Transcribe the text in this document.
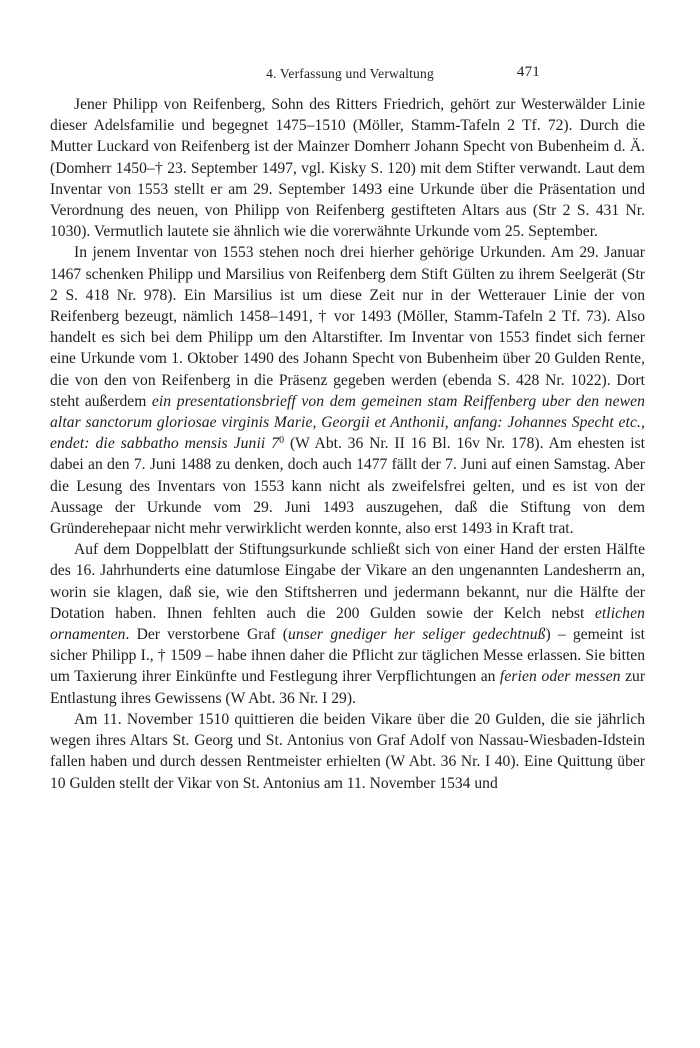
4. Verfassung und Verwaltung	471

Jener Philipp von Reifenberg, Sohn des Ritters Friedrich, gehört zur Westerwälder Linie dieser Adelsfamilie und begegnet 1475–1510 (Möller, Stamm-Tafeln 2 Tf. 72). Durch die Mutter Luckard von Reifenberg ist der Mainzer Domherr Johann Specht von Bubenheim d. Ä. (Domherr 1450–† 23. September 1497, vgl. Kisky S. 120) mit dem Stifter verwandt. Laut dem Inventar von 1553 stellt er am 29. September 1493 eine Urkunde über die Präsentation und Verordnung des neuen, von Philipp von Reifenberg gestifteten Altars aus (Str 2 S. 431 Nr. 1030). Vermutlich lautete sie ähnlich wie die vorerwähnte Urkunde vom 25. September.

In jenem Inventar von 1553 stehen noch drei hierher gehörige Urkunden. Am 29. Januar 1467 schenken Philipp und Marsilius von Reifenberg dem Stift Gülten zu ihrem Seelgerät (Str 2 S. 418 Nr. 978). Ein Marsilius ist um diese Zeit nur in der Wetterauer Linie der von Reifenberg bezeugt, nämlich 1458–1491, † vor 1493 (Möller, Stamm-Tafeln 2 Tf. 73). Also handelt es sich bei dem Philipp um den Altarstifter. Im Inventar von 1553 findet sich ferner eine Urkunde vom 1. Oktober 1490 des Johann Specht von Bubenheim über 20 Gulden Rente, die von den von Reifenberg in die Präsenz gegeben werden (ebenda S. 428 Nr. 1022). Dort steht außerdem ein presentationsbrieff von dem gemeinen stam Reiffenberg uber den newen altar sanctorum gloriosae virginis Marie, Georgii et Anthonii, anfang: Johannes Specht etc., endet: die sabbatho mensis Junii $7^0$ (W Abt. 36 Nr. II 16 Bl. 16v Nr. 178). Am ehesten ist dabei an den 7. Juni 1488 zu denken, doch auch 1477 fällt der 7. Juni auf einen Samstag. Aber die Lesung des Inventars von 1553 kann nicht als zweifelsfrei gelten, und es ist von der Aussage der Urkunde vom 29. Juni 1493 auszugehen, daß die Stiftung von dem Gründerehepaar nicht mehr verwirklicht werden konnte, also erst 1493 in Kraft trat.

Auf dem Doppelblatt der Stiftungsurkunde schließt sich von einer Hand der ersten Hälfte des 16. Jahrhunderts eine datumlose Eingabe der Vikare an den ungenannten Landesherrn an, worin sie klagen, daß sie, wie den Stiftsherren und jedermann bekannt, nur die Hälfte der Dotation haben. Ihnen fehlten auch die 200 Gulden sowie der Kelch nebst etlichen ornamenten. Der verstorbene Graf (unser gnediger her seliger gedechtnuß) – gemeint ist sicher Philipp I., † 1509 – habe ihnen daher die Pflicht zur täglichen Messe erlassen. Sie bitten um Taxierung ihrer Einkünfte und Festlegung ihrer Verpflichtungen an ferien oder messen zur Entlastung ihres Gewissens (W Abt. 36 Nr. I 29).

Am 11. November 1510 quittieren die beiden Vikare über die 20 Gulden, die sie jährlich wegen ihres Altars St. Georg und St. Antonius von Graf Adolf von Nassau-Wiesbaden-Idstein fallen haben und durch dessen Rentmeister erhielten (W Abt. 36 Nr. I 40). Eine Quittung über 10 Gulden stellt der Vikar von St. Antonius am 11. November 1534 und
